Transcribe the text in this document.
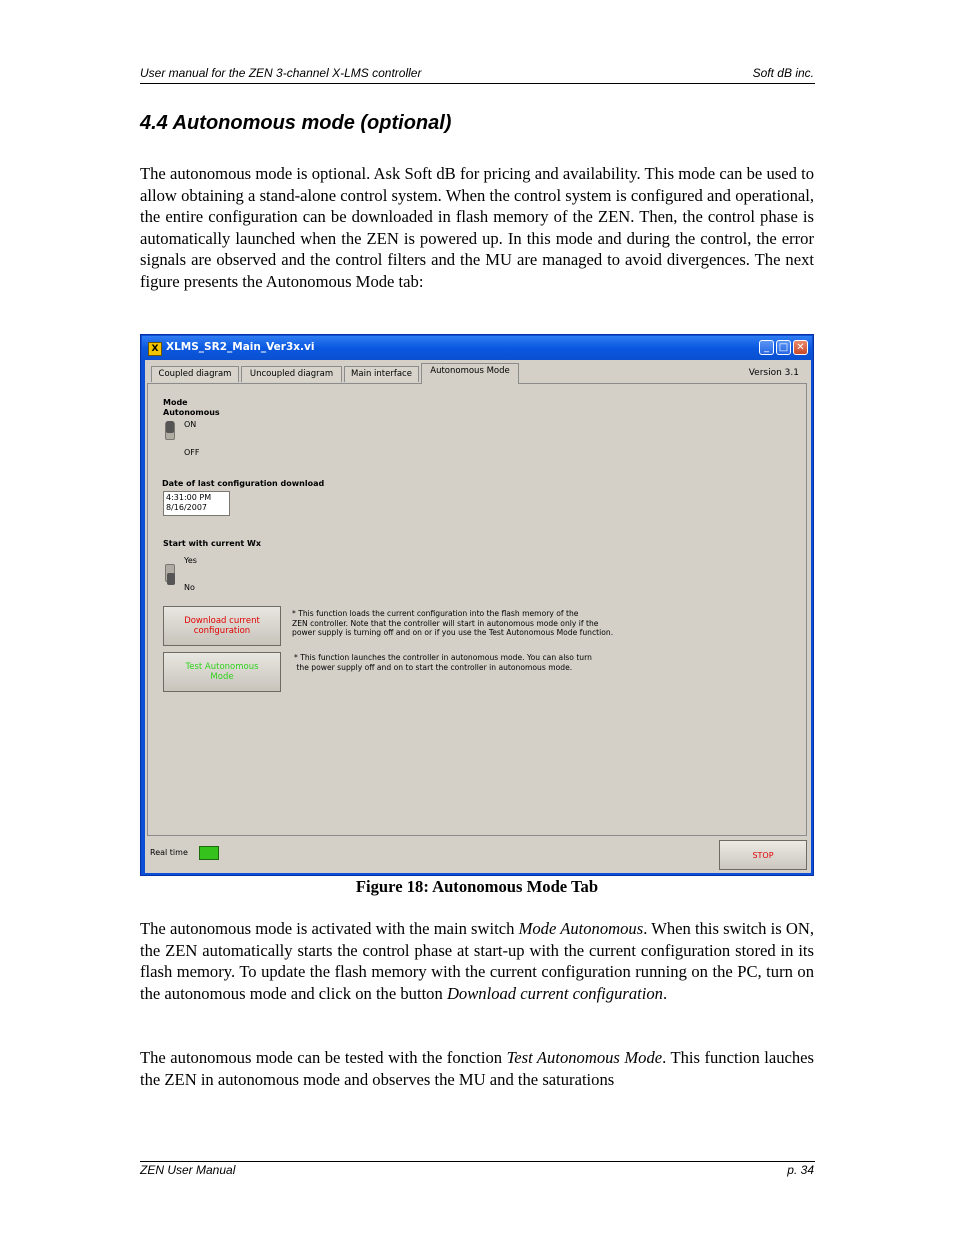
User manual for the ZEN 3-channel X-LMS controller	Soft dB inc.
4.4 Autonomous mode (optional)
The autonomous mode is optional. Ask Soft dB for pricing and availability. This mode can be used to allow obtaining a stand-alone control system. When the control system is configured and operational, the entire configuration can be downloaded in flash memory of the ZEN. Then, the control phase is automatically launched when the ZEN is powered up. In this mode and during the control, the error signals are observed and the control filters and the MU are managed to avoid divergences. The next figure presents the Autonomous Mode tab:
X XLMS_SR2_Main_Ver3x.vi	_ □ ✕
Coupled diagram	Uncoupled diagram	Main interface	Autonomous Mode	Version 3.1
Mode
Autonomous
ON
OFF
Date of last configuration download
4:31:00 PM
8/16/2007
Start with current Wx
Yes
No
Download current
configuration
* This function loads the current configuration into the flash memory of the
ZEN controller. Note that the controller will start in autonomous mode only if the
power supply is turning off and on or if you use the Test Autonomous Mode function.
Test Autonomous
Mode
* This function launches the controller in autonomous mode. You can also turn
the power supply off and on to start the controller in autonomous mode.
Real time	STOP
Figure 18: Autonomous Mode Tab
The autonomous mode is activated with the main switch Mode Autonomous. When this switch is ON, the ZEN automatically starts the control phase at start-up with the current configuration stored in its flash memory. To update the flash memory with the current configuration running on the PC, turn on the autonomous mode and click on the button Download current configuration.
The autonomous mode can be tested with the fonction Test Autonomous Mode. This function lauches the ZEN in autonomous mode and observes the MU and the saturations
ZEN User Manual	p. 34
